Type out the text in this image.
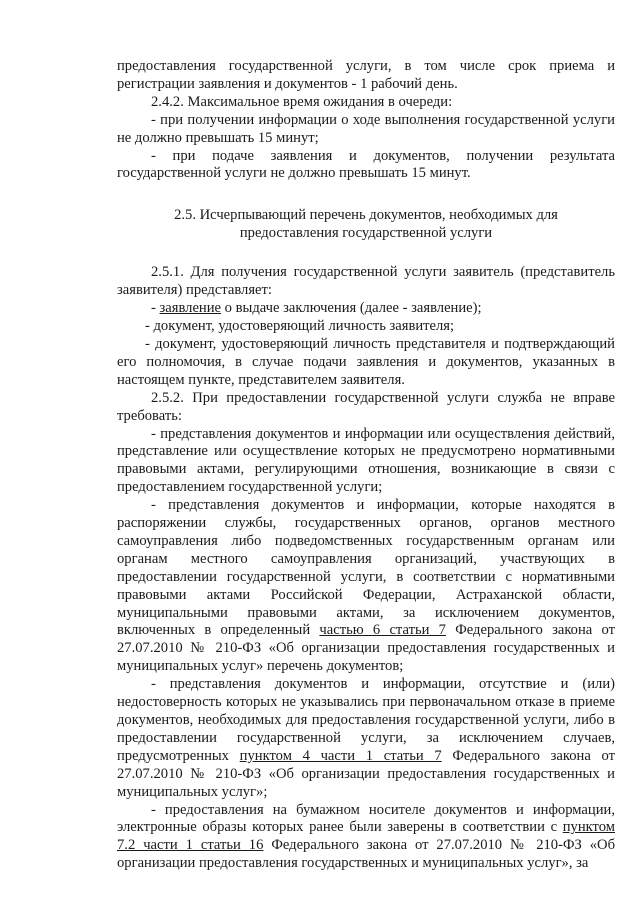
предоставления государственной услуги, в том числе срок приема и регистрации заявления и документов - 1 рабочий день.

2.4.2. Максимальное время ожидания в очереди:

- при получении информации о ходе выполнения государственной услуги не должно превышать 15 минут;

- при подаче заявления и документов, получении результата государственной услуги не должно превышать 15 минут.

2.5. Исчерпывающий перечень документов, необходимых для
предоставления государственной услуги

2.5.1. Для получения государственной услуги заявитель (представитель заявителя) представляет:

- заявление о выдаче заключения (далее - заявление);

- документ, удостоверяющий личность заявителя;

- документ, удостоверяющий личность представителя и подтверждающий его полномочия, в случае подачи заявления и документов, указанных в настоящем пункте, представителем заявителя.

2.5.2. При предоставлении государственной услуги служба не вправе требовать:

- представления документов и информации или осуществления действий, представление или осуществление которых не предусмотрено нормативными правовыми актами, регулирующими отношения, возникающие в связи с предоставлением государственной услуги;

- представления документов и информации, которые находятся в распоряжении службы, государственных органов, органов местного самоуправления либо подведомственных государственным органам или органам местного самоуправления организаций, участвующих в предоставлении государственной услуги, в соответствии с нормативными правовыми актами Российской Федерации, Астраханской области, муниципальными правовыми актами, за исключением документов, включенных в определенный частью 6 статьи 7 Федерального закона от 27.07.2010 № 210-ФЗ «Об организации предоставления государственных и муниципальных услуг» перечень документов;

- представления документов и информации, отсутствие и (или) недостоверность которых не указывались при первоначальном отказе в приеме документов, необходимых для предоставления государственной услуги, либо в предоставлении государственной услуги, за исключением случаев, предусмотренных пунктом 4 части 1 статьи 7 Федерального закона от 27.07.2010 № 210-ФЗ «Об организации предоставления государственных и муниципальных услуг»;

- предоставления на бумажном носителе документов и информации, электронные образы которых ранее были заверены в соответствии с пунктом 7.2 части 1 статьи 16 Федерального закона от 27.07.2010 № 210-ФЗ «Об организации предоставления государственных и муниципальных услуг», за
